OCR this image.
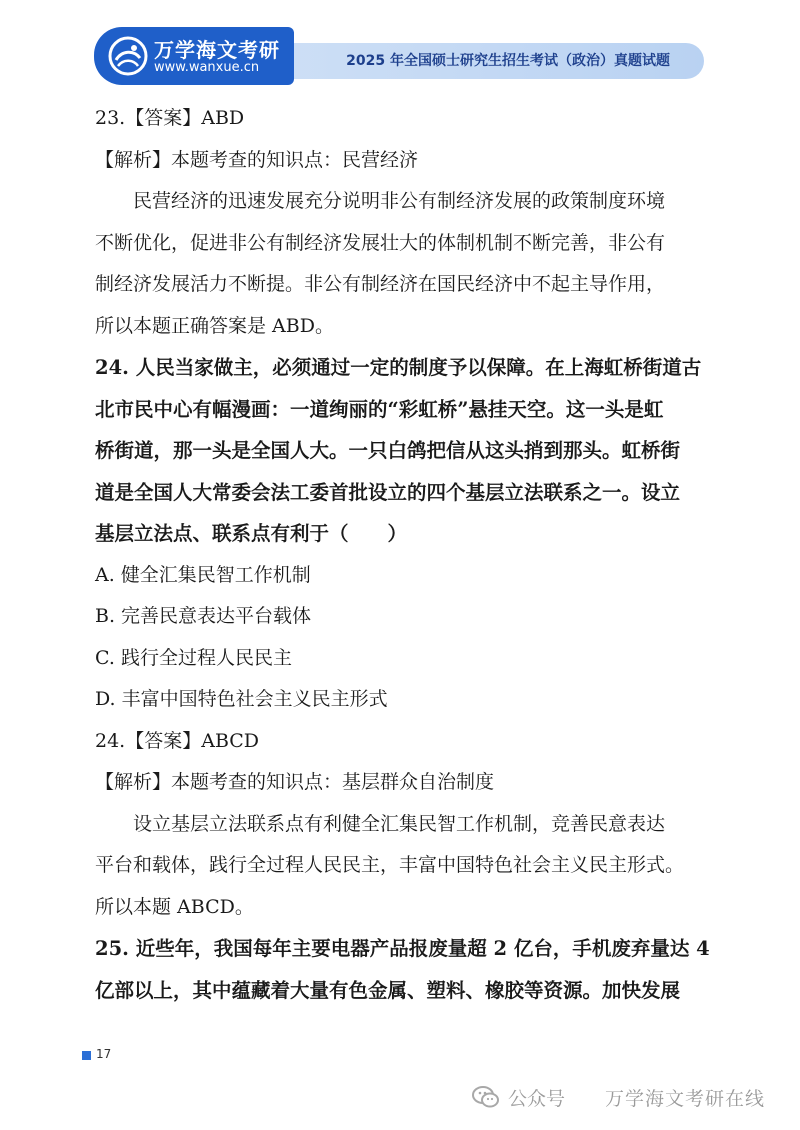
2025 年全国硕士研究生招生考试（政治）真题试题
万学海文考研
www.wanxue.cn
23.【答案】ABD
【解析】本题考查的知识点：民营经济
民营经济的迅速发展充分说明非公有制经济发展的政策制度环境
不断优化，促进非公有制经济发展壮大的体制机制不断完善，非公有
制经济发展活力不断提。非公有制经济在国民经济中不起主导作用，
所以本题正确答案是 ABD。
24. 人民当家做主，必须通过一定的制度予以保障。在上海虹桥街道古
北市民中心有幅漫画：一道绚丽的“彩虹桥”悬挂天空。这一头是虹
桥街道，那一头是全国人大。一只白鸽把信从这头捎到那头。虹桥街
道是全国人大常委会法工委首批设立的四个基层立法联系之一。设立
基层立法点、联系点有利于（　　）
A. 健全汇集民智工作机制
B. 完善民意表达平台载体
C. 践行全过程人民民主
D. 丰富中国特色社会主义民主形式
24.【答案】ABCD
【解析】本题考查的知识点：基层群众自治制度
设立基层立法联系点有利健全汇集民智工作机制，竞善民意表达
平台和载体，践行全过程人民民主，丰富中国特色社会主义民主形式。
所以本题 ABCD。
25. 近些年，我国每年主要电器产品报废量超 2 亿台，手机废弃量达 4
亿部以上，其中蕴藏着大量有色金属、塑料、橡胶等资源。加快发展
17
公众号 万学海文考研在线
